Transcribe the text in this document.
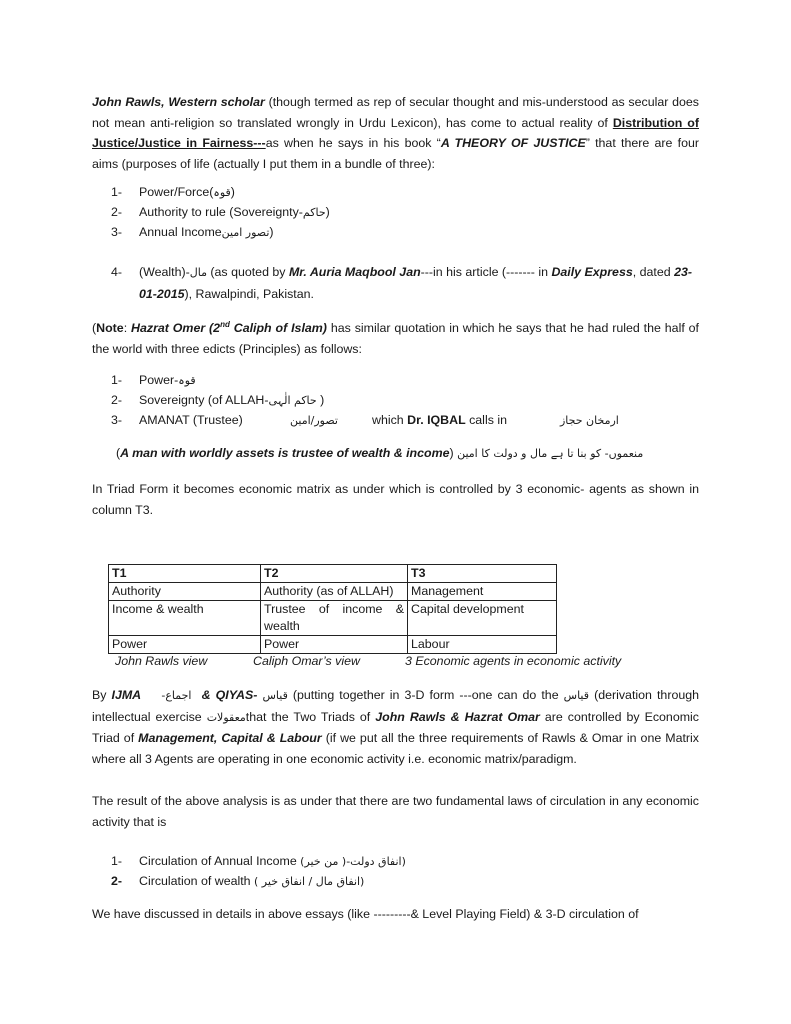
John Rawls, Western scholar (though termed as rep of secular thought and mis-understood as secular does not mean anti-religion so translated wrongly in Urdu Lexicon), has come to actual reality of Distribution of Justice/Justice in Fairness---as when he says in his book “A THEORY OF JUSTICE” that there are four aims (purposes of life (actually I put them in a bundle of three):

1- Power/Force(قوہ)
2- Authority to rule (Sovereignty-حاکم)
3- Annual Incomeتصور امین)
4- (Wealth)-مال (as quoted by Mr. Auria Maqbool Jan---in his article (------- in Daily Express, dated 23-01-2015), Rawalpindi, Pakistan.

(Note: Hazrat Omer (2nd Caliph of Islam) has similar quotation in which he says that he had ruled the half of the world with three edicts (Principles) as follows:

1- Power-قوہ
2- Sovereignty (of ALLAH-حاکم الٰہی )
3- AMANAT (Trustee)	تصور/امین	which Dr. IQBAL calls in	ارمخان حجاز
(A man with worldly assets is trustee of wealth & income) منعموں- کو بنا تا ہے مال و دولت کا امین

In Triad Form it becomes economic matrix as under which is controlled by 3 economic- agents as shown in column T3.

T1	T2	T3
Authority	Authority (as of ALLAH)	Management
Income & wealth	Trustee of income & wealth	Capital development
Power	Power	Labour
John Rawls view	Caliph Omar’s view	3 Economic agents in economic activity

By IJMA اجماع- & QIYAS- قیاس (putting together in 3-D form ---one can do the قیاس (derivation through intellectual exercise معقولاتthat the Two Triads of John Rawls & Hazrat Omar are controlled by Economic Triad of Management, Capital & Labour (if we put all the three requirements of Rawls & Omar in one Matrix where all 3 Agents are operating in one economic activity i.e. economic matrix/paradigm.

The result of the above analysis is as under that there are two fundamental laws of circulation in any economic activity that is

1- Circulation of Annual Income (انفاق دولت-( من خیر)
2- Circulation of wealth (انفاق مال / انفاق خیر )

We have discussed in details in above essays (like ---------& Level Playing Field) & 3-D circulation of
